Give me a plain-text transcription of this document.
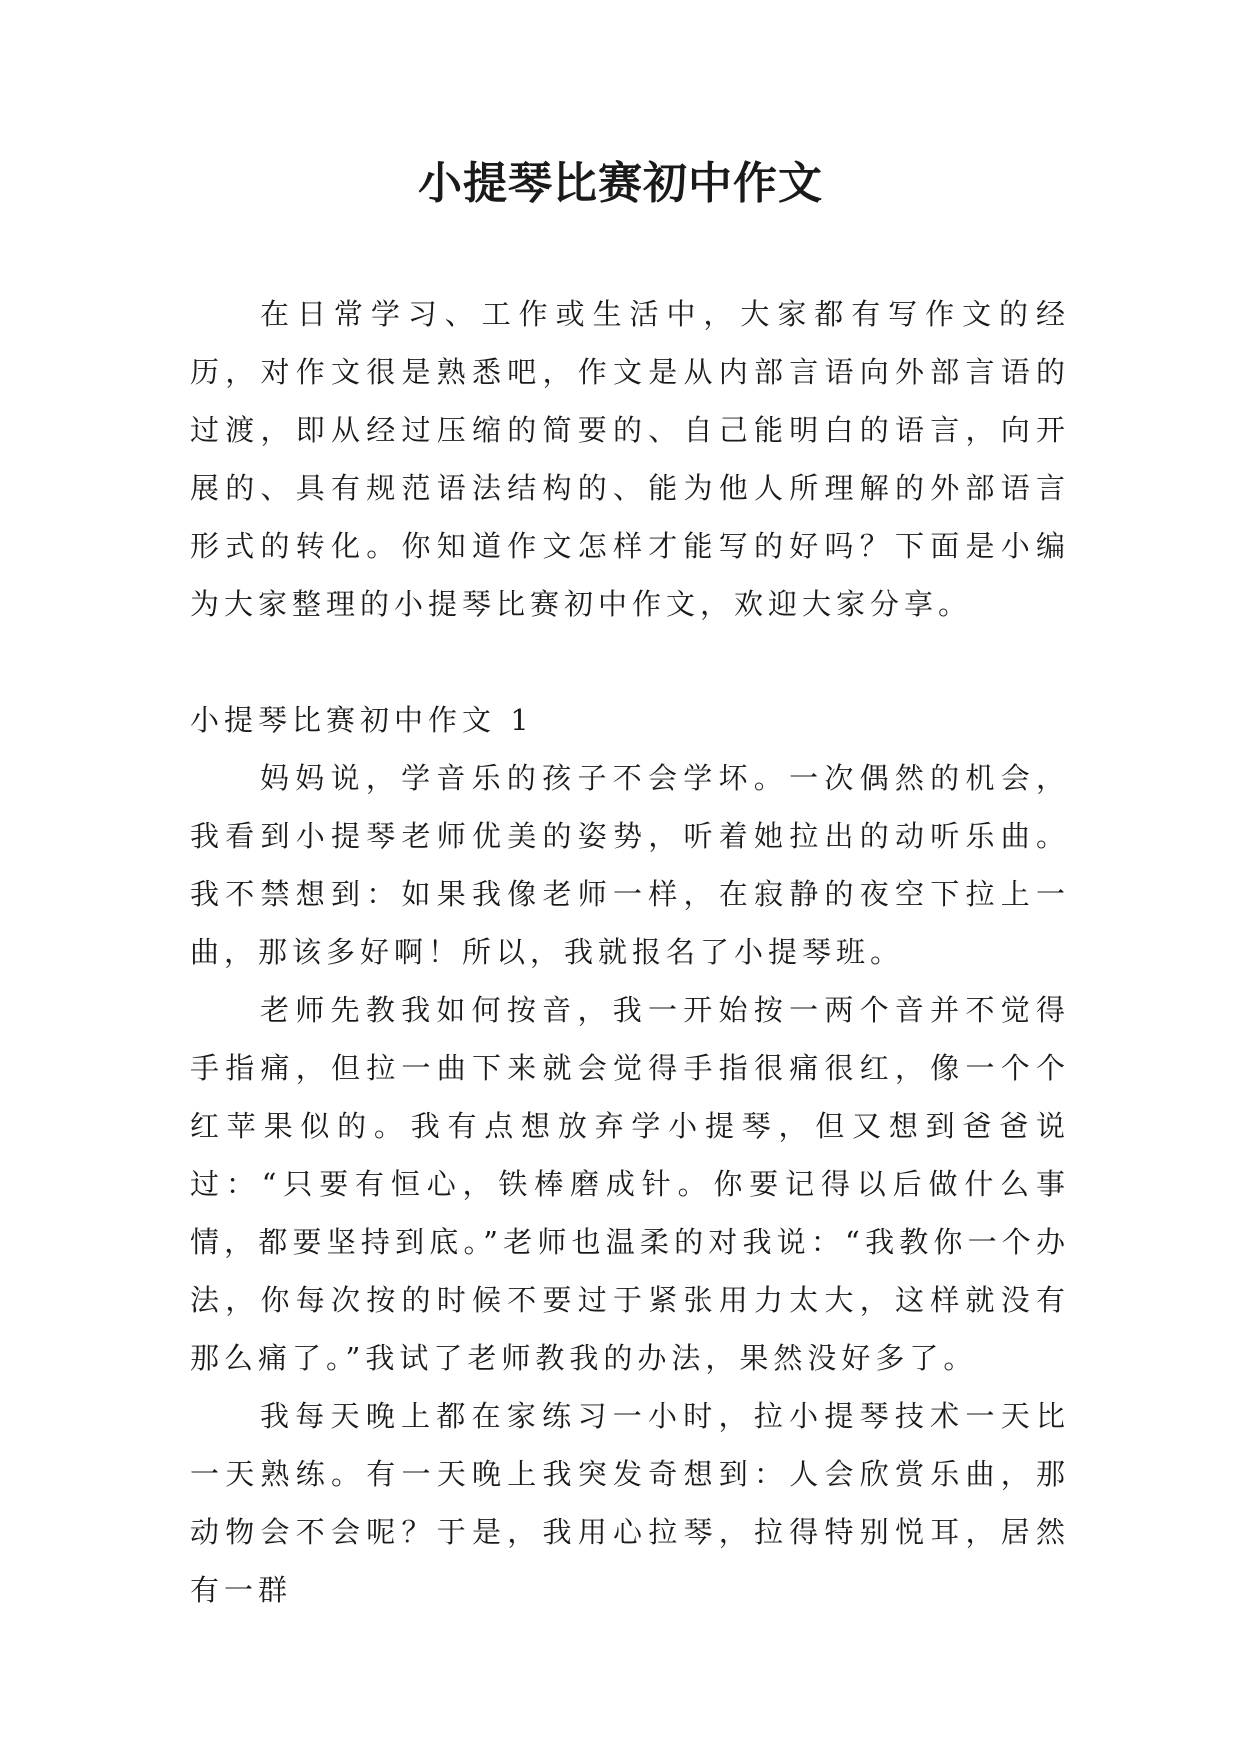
小提琴比赛初中作文

在日常学习、工作或生活中，大家都有写作文的经历，对作文很是熟悉吧，作文是从内部言语向外部言语的过渡，即从经过压缩的简要的、自己能明白的语言，向开展的、具有规范语法结构的、能为他人所理解的外部语言形式的转化。你知道作文怎样才能写的好吗？下面是小编为大家整理的小提琴比赛初中作文，欢迎大家分享。

小提琴比赛初中作文 1

妈妈说，学音乐的孩子不会学坏。一次偶然的机会，我看到小提琴老师优美的姿势，听着她拉出的动听乐曲。我不禁想到：如果我像老师一样，在寂静的夜空下拉上一曲，那该多好啊！所以，我就报名了小提琴班。

老师先教我如何按音，我一开始按一两个音并不觉得手指痛，但拉一曲下来就会觉得手指很痛很红，像一个个红苹果似的。我有点想放弃学小提琴，但又想到爸爸说过：“只要有恒心，铁棒磨成针。你要记得以后做什么事情，都要坚持到底。”老师也温柔的对我说：“我教你一个办法，你每次按的时候不要过于紧张用力太大，这样就没有那么痛了。”我试了老师教我的办法，果然没好多了。

我每天晚上都在家练习一小时，拉小提琴技术一天比一天熟练。有一天晚上我突发奇想到：人会欣赏乐曲，那动物会不会呢？于是，我用心拉琴，拉得特别悦耳，居然有一群
